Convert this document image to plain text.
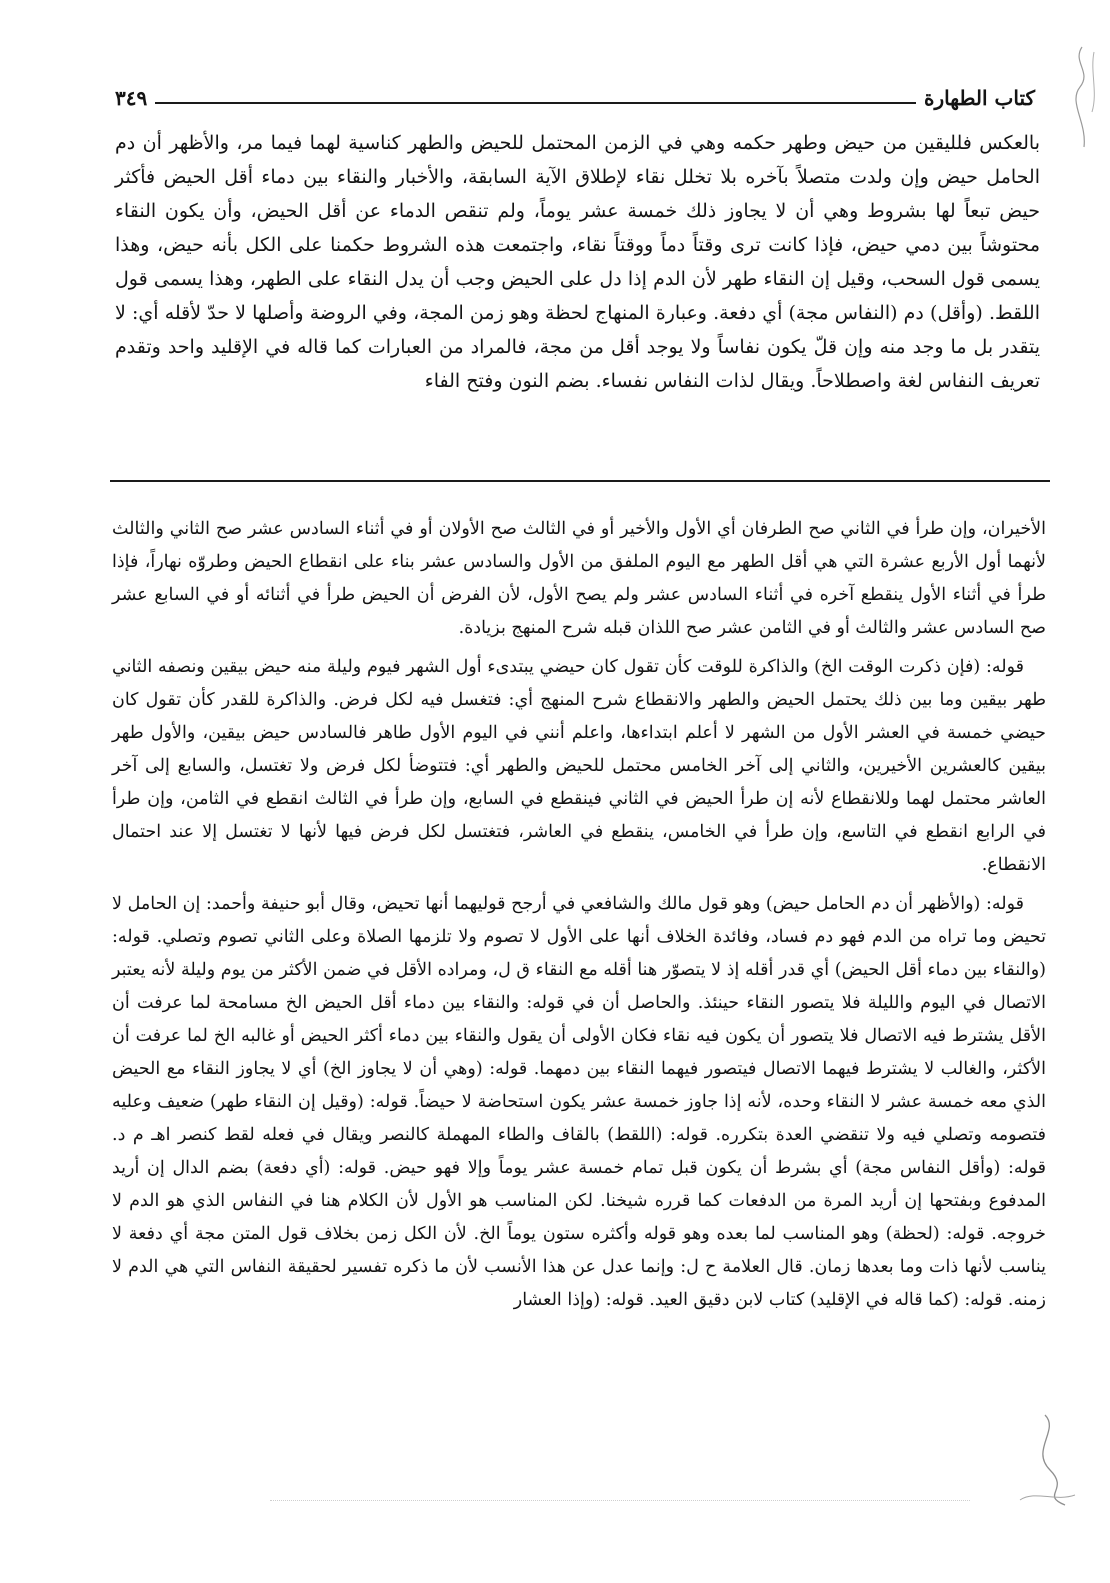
كتاب الطهارة
٣٤٩

بالعكس فلليقين من حيض وطهر حكمه وهي في الزمن المحتمل للحيض والطهر كناسية لهما فيما مر، والأظهر أن دم الحامل حيض وإن ولدت متصلاً بآخره بلا تخلل نقاء لإطلاق الآية السابقة، والأخبار والنقاء بين دماء أقل الحيض فأكثر حيض تبعاً لها بشروط وهي أن لا يجاوز ذلك خمسة عشر يوماً، ولم تنقص الدماء عن أقل الحيض، وأن يكون النقاء محتوشاً بين دمي حيض، فإذا كانت ترى وقتاً دماً ووقتاً نقاء، واجتمعت هذه الشروط حكمنا على الكل بأنه حيض، وهذا يسمى قول السحب، وقيل إن النقاء طهر لأن الدم إذا دل على الحيض وجب أن يدل النقاء على الطهر، وهذا يسمى قول اللقط. (وأقل) دم (النفاس مجة) أي دفعة. وعبارة المنهاج لحظة وهو زمن المجة، وفي الروضة وأصلها لا حدّ لأقله أي: لا يتقدر بل ما وجد منه وإن قلّ يكون نفاساً ولا يوجد أقل من مجة، فالمراد من العبارات كما قاله في الإقليد واحد وتقدم تعريف النفاس لغة واصطلاحاً. ويقال لذات النفاس نفساء. بضم النون وفتح الفاء

الأخيران، وإن طرأ في الثاني صح الطرفان أي الأول والأخير أو في الثالث صح الأولان أو في أثناء السادس عشر صح الثاني والثالث لأنهما أول الأربع عشرة التي هي أقل الطهر مع اليوم الملفق من الأول والسادس عشر بناء على انقطاع الحيض وطروّه نهاراً، فإذا طرأ في أثناء الأول ينقطع آخره في أثناء السادس عشر ولم يصح الأول، لأن الفرض أن الحيض طرأ في أثنائه أو في السابع عشر صح السادس عشر والثالث أو في الثامن عشر صح اللذان قبله شرح المنهج بزيادة.

قوله: (فإن ذكرت الوقت الخ) والذاكرة للوقت كأن تقول كان حيضي يبتدىء أول الشهر فيوم وليلة منه حيض بيقين ونصفه الثاني طهر بيقين وما بين ذلك يحتمل الحيض والطهر والانقطاع شرح المنهج أي: فتغسل فيه لكل فرض. والذاكرة للقدر كأن تقول كان حيضي خمسة في العشر الأول من الشهر لا أعلم ابتداءها، واعلم أنني في اليوم الأول طاهر فالسادس حيض بيقين، والأول طهر بيقين كالعشرين الأخيرين، والثاني إلى آخر الخامس محتمل للحيض والطهر أي: فتتوضأ لكل فرض ولا تغتسل، والسابع إلى آخر العاشر محتمل لهما وللانقطاع لأنه إن طرأ الحيض في الثاني فينقطع في السابع، وإن طرأ في الثالث انقطع في الثامن، وإن طرأ في الرابع انقطع في التاسع، وإن طرأ في الخامس، ينقطع في العاشر، فتغتسل لكل فرض فيها لأنها لا تغتسل إلا عند احتمال الانقطاع.

قوله: (والأظهر أن دم الحامل حيض) وهو قول مالك والشافعي في أرجح قوليهما أنها تحيض، وقال أبو حنيفة وأحمد: إن الحامل لا تحيض وما تراه من الدم فهو دم فساد، وفائدة الخلاف أنها على الأول لا تصوم ولا تلزمها الصلاة وعلى الثاني تصوم وتصلي. قوله: (والنقاء بين دماء أقل الحيض) أي قدر أقله إذ لا يتصوّر هنا أقله مع النقاء ق ل، ومراده الأقل في ضمن الأكثر من يوم وليلة لأنه يعتبر الاتصال في اليوم والليلة فلا يتصور النقاء حينئذ. والحاصل أن في قوله: والنقاء بين دماء أقل الحيض الخ مسامحة لما عرفت أن الأقل يشترط فيه الاتصال فلا يتصور أن يكون فيه نقاء فكان الأولى أن يقول والنقاء بين دماء أكثر الحيض أو غالبه الخ لما عرفت أن الأكثر، والغالب لا يشترط فيهما الاتصال فيتصور فيهما النقاء بين دمهما. قوله: (وهي أن لا يجاوز الخ) أي لا يجاوز النقاء مع الحيض الذي معه خمسة عشر لا النقاء وحده، لأنه إذا جاوز خمسة عشر يكون استحاضة لا حيضاً. قوله: (وقيل إن النقاء طهر) ضعيف وعليه فتصومه وتصلي فيه ولا تنقضي العدة بتكرره. قوله: (اللقط) بالقاف والطاء المهملة كالنصر ويقال في فعله لقط كنصر اهـ م د. قوله: (وأقل النفاس مجة) أي بشرط أن يكون قبل تمام خمسة عشر يوماً وإلا فهو حيض. قوله: (أي دفعة) بضم الدال إن أريد المدفوع وبفتحها إن أريد المرة من الدفعات كما قرره شيخنا. لكن المناسب هو الأول لأن الكلام هنا في النفاس الذي هو الدم لا خروجه. قوله: (لحظة) وهو المناسب لما بعده وهو قوله وأكثره ستون يوماً الخ. لأن الكل زمن بخلاف قول المتن مجة أي دفعة لا يناسب لأنها ذات وما بعدها زمان. قال العلامة ح ل: وإنما عدل عن هذا الأنسب لأن ما ذكره تفسير لحقيقة النفاس التي هي الدم لا زمنه. قوله: (كما قاله في الإقليد) كتاب لابن دقيق العيد. قوله: (وإذا العشار
